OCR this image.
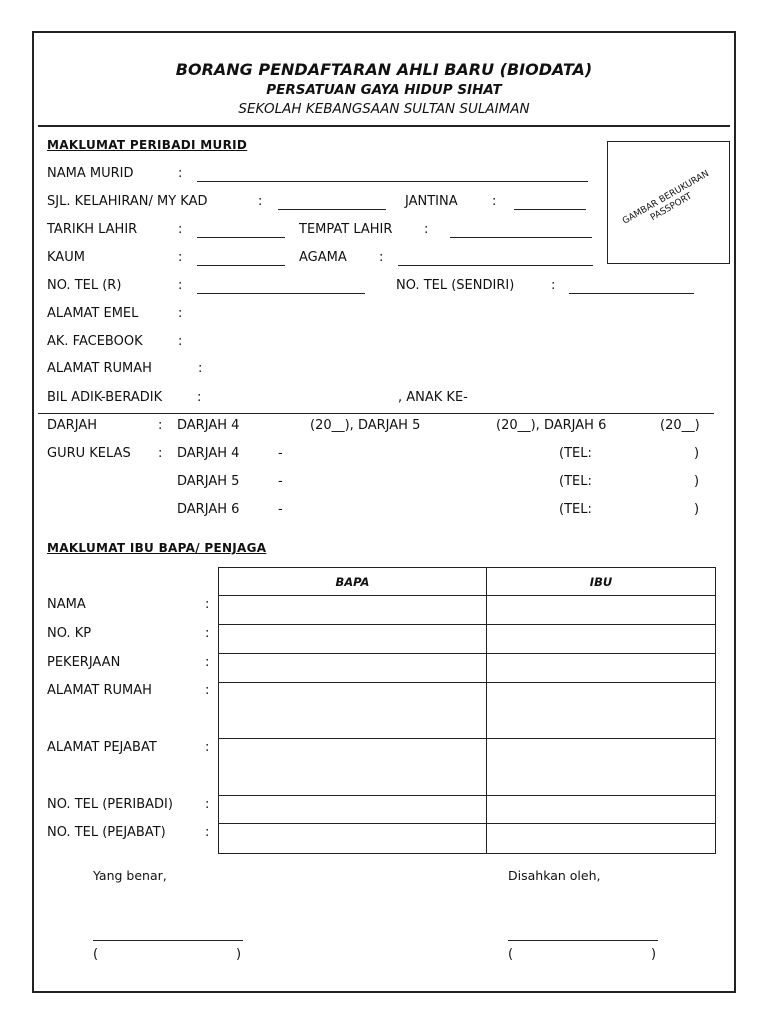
BORANG PENDAFTARAN AHLI BARU (BIODATA)
PERSATUAN GAYA HIDUP SIHAT
SEKOLAH KEBANGSAAN SULTAN SULAIMAN
MAKLUMAT PERIBADI MURID
GAMBAR BERUKURAN PASSPORT
NAMA MURID	:
SJL. KELAHIRAN/ MY KAD	:	JANTINA	:
TARIKH LAHIR	:	TEMPAT LAHIR :
KAUM	:	AGAMA :
NO. TEL (R)	:	NO. TEL (SENDIRI)	:
ALAMAT EMEL	:
AK. FACEBOOK	:
ALAMAT RUMAH	:
BIL ADIK-BERADIK	:	, ANAK KE-
DARJAH	: DARJAH 4	(20__), DARJAH 5	(20__), DARJAH 6	(20__)
GURU KELAS : DARJAH 4	-	(TEL:	)
DARJAH 5	-	(TEL:	)
DARJAH 6	-	(TEL:	)
MAKLUMAT IBU BAPA/ PENJAGA
BAPA	IBU

NAMA	:
NO. KP	:
PEKERJAAN	:
ALAMAT RUMAH	:
ALAMAT PEJABAT	:
NO. TEL (PERIBADI) :
NO. TEL (PEJABAT)	:
Yang benar,	Disahkan oleh,
(	)	(	)
